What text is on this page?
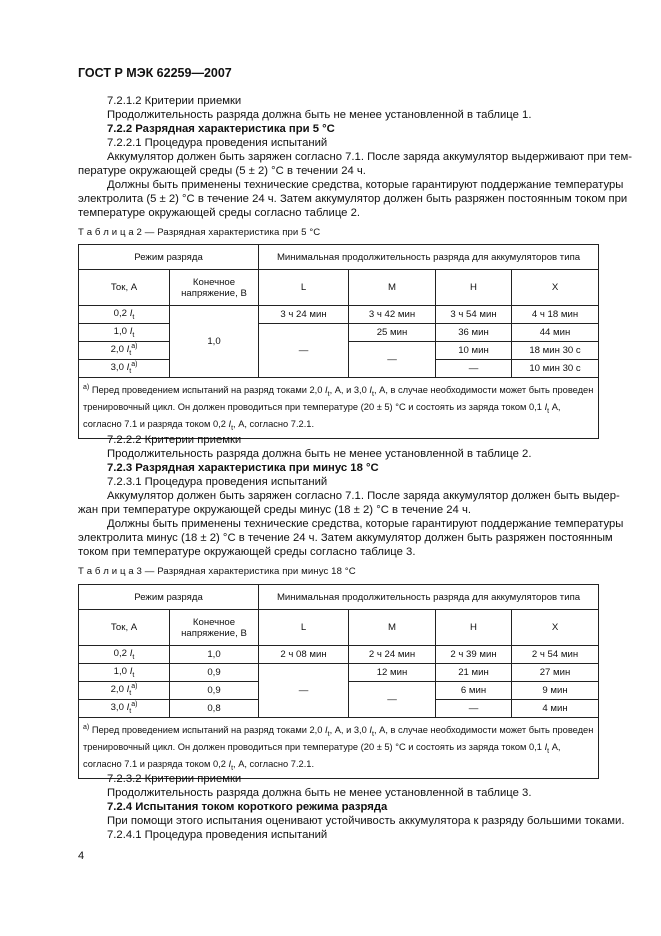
ГОСТ Р МЭК 62259—2007
7.2.1.2 Критерии приемки
Продолжительность разряда должна быть не менее установленной в таблице 1.
7.2.2 Разрядная характеристика при 5 °С
7.2.2.1 Процедура проведения испытаний
Аккумулятор должен быть заряжен согласно 7.1. После заряда аккумулятор выдерживают при тем-
пературе окружающей среды (5 ± 2) °С в течении 24 ч.
Должны быть применены технические средства, которые гарантируют поддержание температуры
электролита (5 ± 2) °С в течение 24 ч. Затем аккумулятор должен быть разряжен постоянным током при
температуре окружающей среды согласно таблице 2.
Т а б л и ц а 2 — Разрядная характеристика при 5 °С
Режим разряда		Минимальная продолжительность разряда для аккумуляторов типа			
Ток, А	Конечное
напряжение, В	L	M	H	X
0,2 $I_t$	1,0	3 ч 24 мин	3 ч 42 мин	3 ч 54 мин	4 ч 18 мин
1,0 $I_t$		—	25 мин	36 мин	44 мин
2,0 $I_t^{а)}$			—	10 мин	18 мин 30 с
3,0 $I_t^{а)}$				—	10 мин 30 с
$^{а)}$ Перед проведением испытаний на разряд токами 2,0 $I_t$, А, и 3,0 $I_t$, А, в случае необходимости может быть проведен тренировочный цикл. Он должен проводиться при температуре (20 ± 5) °С и состоять из заряда током 0,1 $I_t$ А, согласно 7.1 и разряда током 0,2 $I_t$, А, согласно 7.2.1.					
7.2.2.2 Критерии приемки
Продолжительность разряда должна быть не менее установленной в таблице 2.
7.2.3 Разрядная характеристика при минус 18 °С
7.2.3.1 Процедура проведения испытаний
Аккумулятор должен быть заряжен согласно 7.1. После заряда аккумулятор должен быть выдер-
жан при температуре окружающей среды минус (18 ± 2) °С в течение 24 ч.
Должны быть применены технические средства, которые гарантируют поддержание температуры
электролита минус (18 ± 2) °С в течение 24 ч. Затем аккумулятор должен быть разряжен постоянным
током при температуре окружающей среды согласно таблице 3.
Т а б л и ц а 3 — Разрядная характеристика при минус 18 °С
Режим разряда		Минимальная продолжительность разряда для аккумуляторов типа			
Ток, А	Конечное
напряжение, В	L	M	H	X
0,2 $I_t$	1,0	2 ч 08 мин	2 ч 24 мин	2 ч 39 мин	2 ч 54 мин
1,0 $I_t$	0,9	—	12 мин	21 мин	27 мин
2,0 $I_t^{а)}$	0,9		—	6 мин	9 мин
3,0 $I_t^{а)}$	0,8			—	4 мин
$^{а)}$ Перед проведением испытаний на разряд токами 2,0 $I_t$, А, и 3,0 $I_t$, А, в случае необходимости может быть проведен тренировочный цикл. Он должен проводиться при температуре (20 ± 5) °С и состоять из заряда током 0,1 $I_t$ А, согласно 7.1 и разряда током 0,2 $I_t$, А, согласно 7.2.1.					
7.2.3.2 Критерии приемки
Продолжительность разряда должна быть не менее установленной в таблице 3.
7.2.4 Испытания током короткого режима разряда
При помощи этого испытания оценивают устойчивость аккумулятора к разряду большими токами.
7.2.4.1 Процедура проведения испытаний
4
